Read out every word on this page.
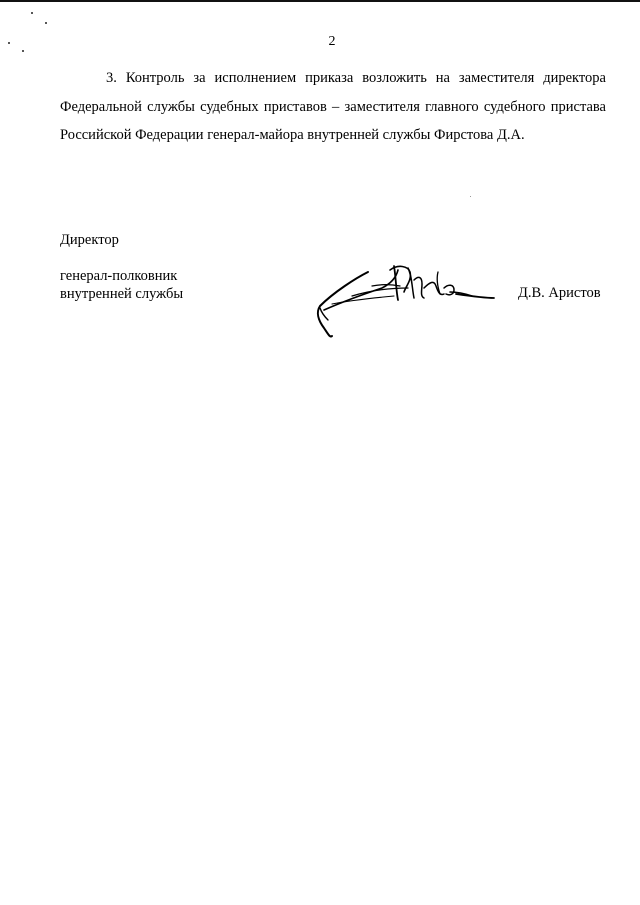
2

3. Контроль за исполнением приказа возложить на заместителя директора Федеральной службы судебных приставов – заместителя главного судебного пристава Российской Федерации генерал-майора внутренней службы Фирстова Д.А.

Директор
генерал-полковник
внутренней службы	Д.В. Аристов
